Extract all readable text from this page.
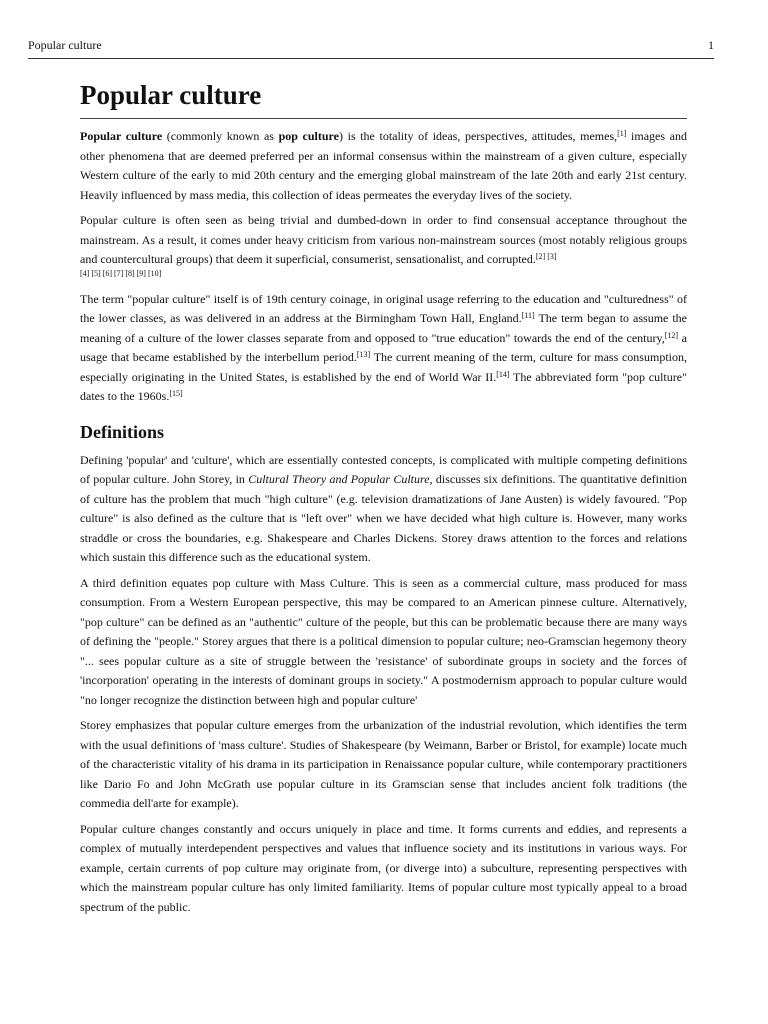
Popular culture	1
Popular culture

Popular culture (commonly known as pop culture) is the totality of ideas, perspectives, attitudes, memes,[1] images and other phenomena that are deemed preferred per an informal consensus within the mainstream of a given culture, especially Western culture of the early to mid 20th century and the emerging global mainstream of the late 20th and early 21st century. Heavily influenced by mass media, this collection of ideas permeates the everyday lives of the society.

Popular culture is often seen as being trivial and dumbed-down in order to find consensual acceptance throughout the mainstream. As a result, it comes under heavy criticism from various non-mainstream sources (most notably religious groups and countercultural groups) that deem it superficial, consumerist, sensationalist, and corrupted.[2] [3]
[4] [5] [6] [7] [8] [9] [10]

The term "popular culture" itself is of 19th century coinage, in original usage referring to the education and "culturedness" of the lower classes, as was delivered in an address at the Birmingham Town Hall, England.[11] The term began to assume the meaning of a culture of the lower classes separate from and opposed to "true education" towards the end of the century,[12] a usage that became established by the interbellum period.[13] The current meaning of the term, culture for mass consumption, especially originating in the United States, is established by the end of World War II.[14] The abbreviated form "pop culture" dates to the 1960s.[15]

Definitions

Defining 'popular' and 'culture', which are essentially contested concepts, is complicated with multiple competing definitions of popular culture. John Storey, in Cultural Theory and Popular Culture, discusses six definitions. The quantitative definition of culture has the problem that much "high culture" (e.g. television dramatizations of Jane Austen) is widely favoured. "Pop culture" is also defined as the culture that is "left over" when we have decided what high culture is. However, many works straddle or cross the boundaries, e.g. Shakespeare and Charles Dickens. Storey draws attention to the forces and relations which sustain this difference such as the educational system.

A third definition equates pop culture with Mass Culture. This is seen as a commercial culture, mass produced for mass consumption. From a Western European perspective, this may be compared to an American pinnese culture. Alternatively, "pop culture" can be defined as an "authentic" culture of the people, but this can be problematic because there are many ways of defining the "people." Storey argues that there is a political dimension to popular culture; neo-Gramscian hegemony theory "... sees popular culture as a site of struggle between the 'resistance' of subordinate groups in society and the forces of 'incorporation' operating in the interests of dominant groups in society." A postmodernism approach to popular culture would "no longer recognize the distinction between high and popular culture'

Storey emphasizes that popular culture emerges from the urbanization of the industrial revolution, which identifies the term with the usual definitions of 'mass culture'. Studies of Shakespeare (by Weimann, Barber or Bristol, for example) locate much of the characteristic vitality of his drama in its participation in Renaissance popular culture, while contemporary practitioners like Dario Fo and John McGrath use popular culture in its Gramscian sense that includes ancient folk traditions (the commedia dell'arte for example).

Popular culture changes constantly and occurs uniquely in place and time. It forms currents and eddies, and represents a complex of mutually interdependent perspectives and values that influence society and its institutions in various ways. For example, certain currents of pop culture may originate from, (or diverge into) a subculture, representing perspectives with which the mainstream popular culture has only limited familiarity. Items of popular culture most typically appeal to a broad spectrum of the public.
